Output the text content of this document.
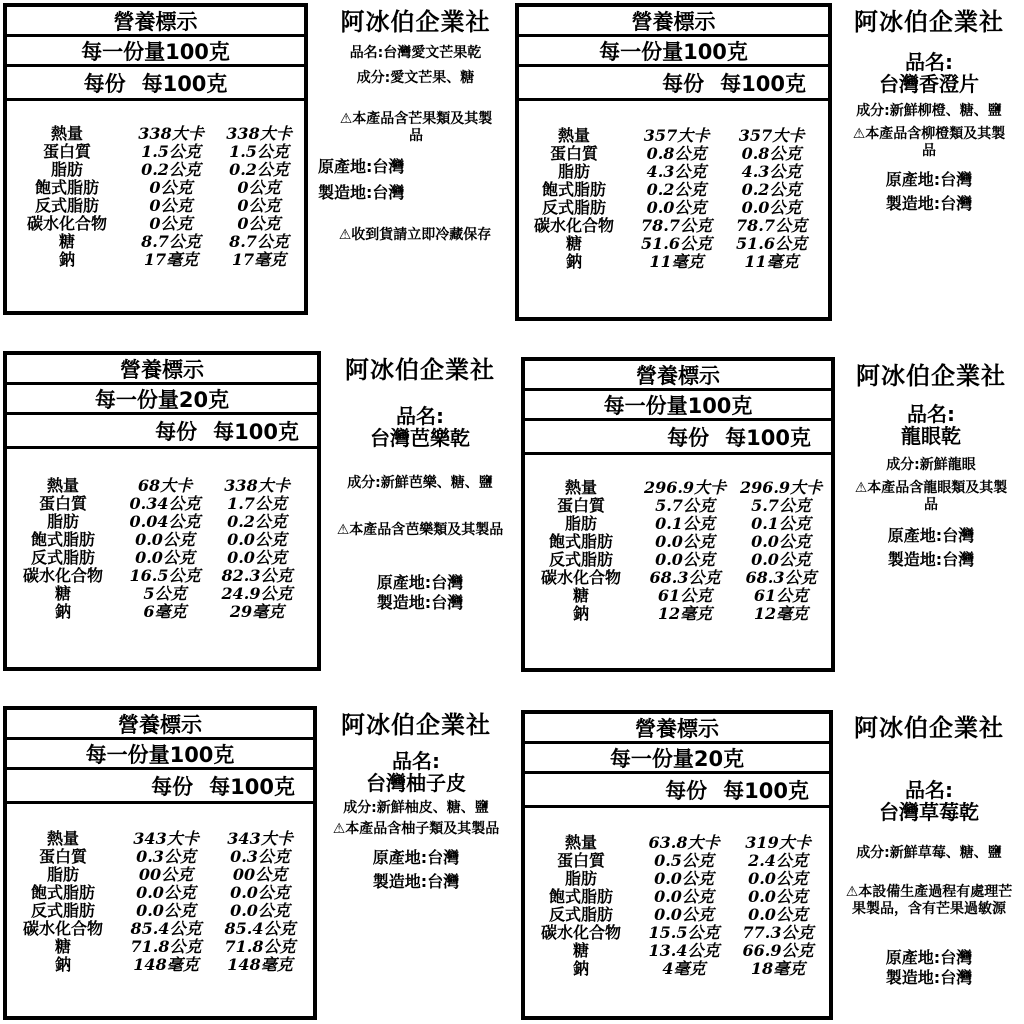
營養標示
每一份量100克
每份 每100克
熱量	338大卡	338大卡
蛋白質	1.5公克	1.5公克
脂肪	0.2公克	0.2公克
飽式脂肪	0公克	0公克
反式脂肪	0公克	0公克
碳水化合物	0公克	0公克
糖	8.7公克	8.7公克
鈉	17毫克	17毫克
阿冰伯企業社
品名:台灣愛文芒果乾
成分:愛文芒果、糖
⚠本產品含芒果類及其製品
原產地:台灣
製造地:台灣
⚠收到貨請立即冷藏保存
營養標示
每一份量100克
每份 每100克
熱量	357大卡	357大卡
蛋白質	0.8公克	0.8公克
脂肪	4.3公克	4.3公克
飽式脂肪	0.2公克	0.2公克
反式脂肪	0.0公克	0.0公克
碳水化合物	78.7公克	78.7公克
糖	51.6公克	51.6公克
鈉	11毫克	11毫克
阿冰伯企業社
品名:
台灣香澄片
成分:新鮮柳橙、糖、鹽
⚠本產品含柳橙類及其製品
原產地:台灣
製造地:台灣
營養標示
每一份量20克
每份 每100克
熱量	68大卡	338大卡
蛋白質	0.34公克	1.7公克
脂肪	0.04公克	0.2公克
飽式脂肪	0.0公克	0.0公克
反式脂肪	0.0公克	0.0公克
碳水化合物	16.5公克	82.3公克
糖	5公克	24.9公克
鈉	6毫克	29毫克
阿冰伯企業社
品名:
台灣芭樂乾
成分:新鮮芭樂、糖、鹽
⚠本產品含芭樂類及其製品
原產地:台灣
製造地:台灣
營養標示
每一份量100克
每份 每100克
熱量	296.9大卡 296.9大卡
蛋白質	5.7公克	5.7公克
脂肪	0.1公克	0.1公克
飽式脂肪	0.0公克	0.0公克
反式脂肪	0.0公克	0.0公克
碳水化合物	68.3公克	68.3公克
糖	61公克	61公克
鈉	12毫克	12毫克
阿冰伯企業社
品名:
龍眼乾
成分:新鮮龍眼
⚠本產品含龍眼類及其製品
原產地:台灣
製造地:台灣
營養標示
每一份量100克
每份 每100克
熱量	343大卡	343大卡
蛋白質	0.3公克	0.3公克
脂肪	00公克	00公克
飽式脂肪	0.0公克	0.0公克
反式脂肪	0.0公克	0.0公克
碳水化合物	85.4公克	85.4公克
糖	71.8公克	71.8公克
鈉	148毫克	148毫克
阿冰伯企業社
品名:
台灣柚子皮
成分:新鮮柚皮、糖、鹽
⚠本產品含柚子類及其製品
原產地:台灣
製造地:台灣
營養標示
每一份量20克
每份 每100克
熱量	63.8大卡	319大卡
蛋白質	0.5公克	2.4公克
脂肪	0.0公克	0.0公克
飽式脂肪	0.0公克	0.0公克
反式脂肪	0.0公克	0.0公克
碳水化合物	15.5公克	77.3公克
糖	13.4公克	66.9公克
鈉	4毫克	18毫克
阿冰伯企業社
品名:
台灣草莓乾
成分:新鮮草莓、糖、鹽
⚠本設備生產過程有處理芒果製品，含有芒果過敏源
原產地:台灣
製造地:台灣
